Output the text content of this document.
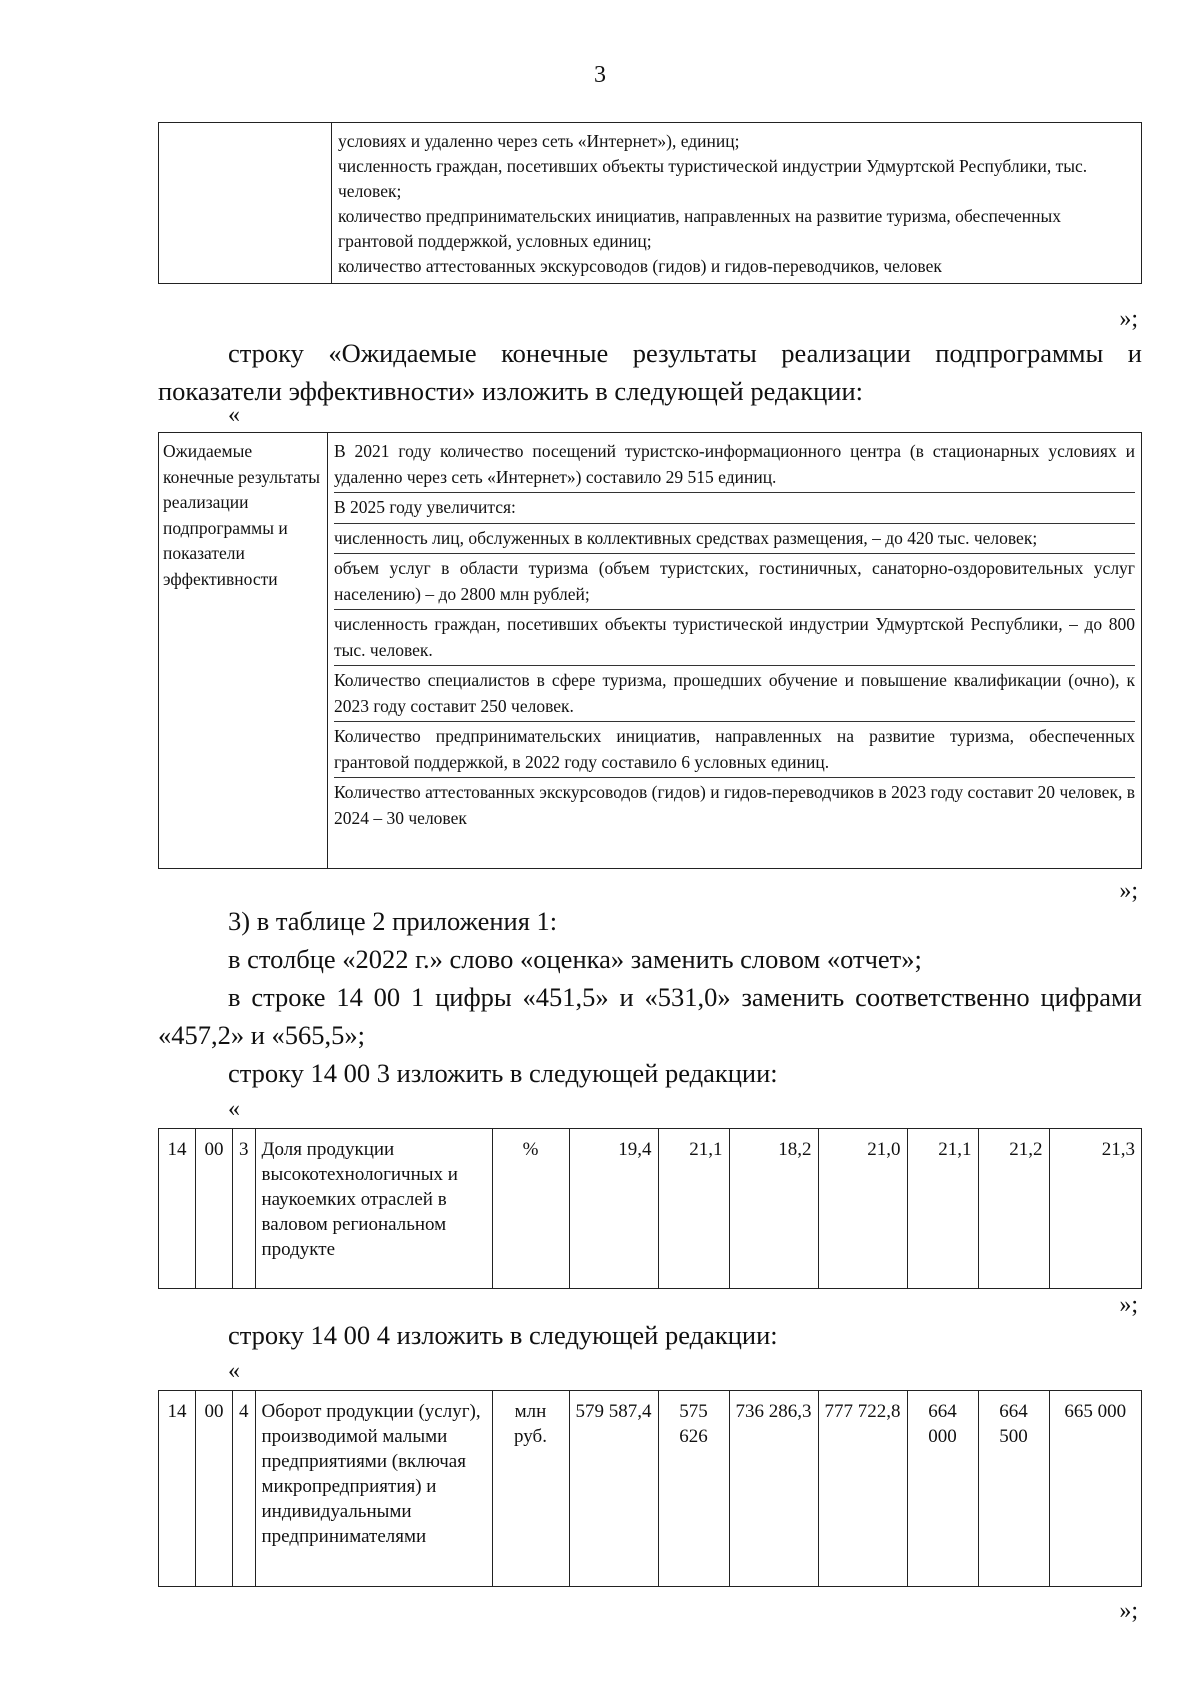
3

условиях и удаленно через сеть «Интернет»), единиц;
численность граждан, посетивших объекты туристической индустрии Удмуртской Республики, тыс. человек;
количество предпринимательских инициатив, направленных на развитие туризма, обеспеченных грантовой поддержкой, условных единиц;
количество аттестованных экскурсоводов (гидов) и гидов-переводчиков, человек
»;
строку «Ожидаемые конечные результаты реализации подпрограммы и показатели эффективности» изложить в следующей редакции:
«
Ожидаемые конечные результаты реализации подпрограммы и показатели эффективности	
В 2021 году количество посещений туристско-информационного центра (в стационарных условиях и удаленно через сеть «Интернет») составило 29 515 единиц.
В 2025 году увеличится:
численность лиц, обслуженных в коллективных средствах размещения, – до 420 тыс. человек;
объем услуг в области туризма (объем туристских, гостиничных, санаторно-оздоровительных услуг населению) – до 2800 млн рублей;
численность граждан, посетивших объекты туристической индустрии Удмуртской Республики, – до 800 тыс. человек.
Количество специалистов в сфере туризма, прошедших обучение и повышение квалификации (очно), к 2023 году составит 250 человек.
Количество предпринимательских инициатив, направленных на развитие туризма, обеспеченных грантовой поддержкой, в 2022 году составило 6 условных единиц.
Количество аттестованных экскурсоводов (гидов) и гидов-переводчиков в 2023 году составит 20 человек, в 2024 – 30 человек
»;
3) в таблице 2 приложения 1:
в столбце «2022 г.» слово «оценка» заменить словом «отчет»;
в строке 14 00 1 цифры «451,5» и «531,0» заменить соответственно цифрами «457,2» и «565,5»;
строку 14 00 3 изложить в следующей редакции:
«
14	00	3	Доля продукции высокотехнологичных и наукоемких отраслей в валовом региональном продукте	%	19,4	21,1	18,2	21,0	21,1	21,2	21,3
»;
строку 14 00 4 изложить в следующей редакции:
«
14	00	4	Оборот продукции (услуг), производимой малыми предприятиями (включая микропредприятия) и индивидуальными предпринимателями	млн руб.	579 587,4	575 626	736 286,3	777 722,8	664 000	664 500	665 000
»;
